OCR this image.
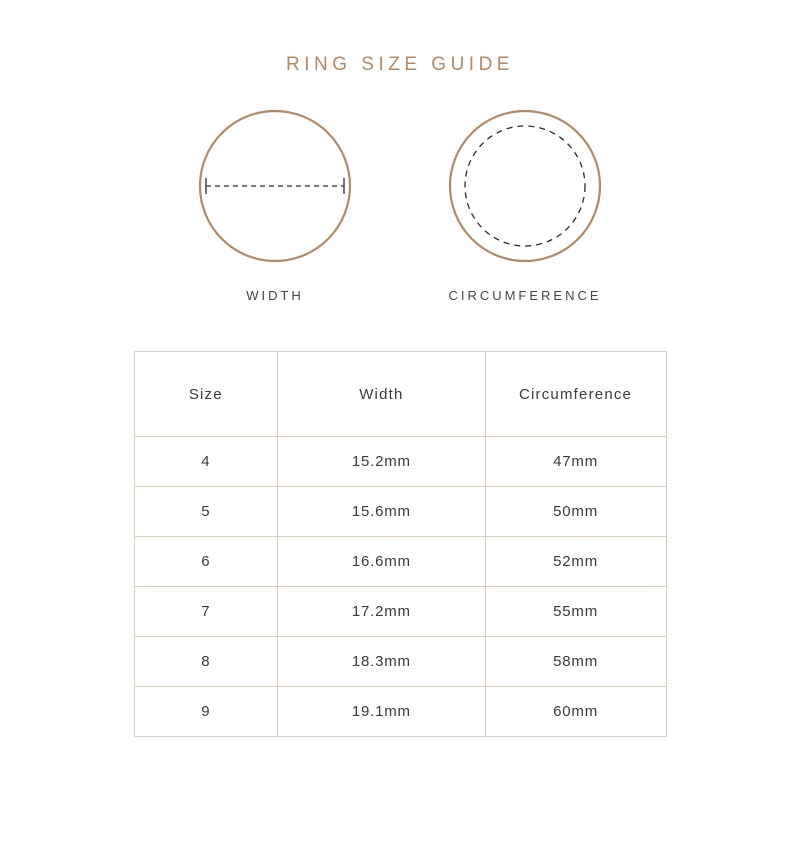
RING SIZE GUIDE
WIDTH	CIRCUMFERENCE
Size	Width	Circumference
4	15.2mm	47mm
5	15.6mm	50mm
6	16.6mm	52mm
7	17.2mm	55mm
8	18.3mm	58mm
9	19.1mm	60mm
